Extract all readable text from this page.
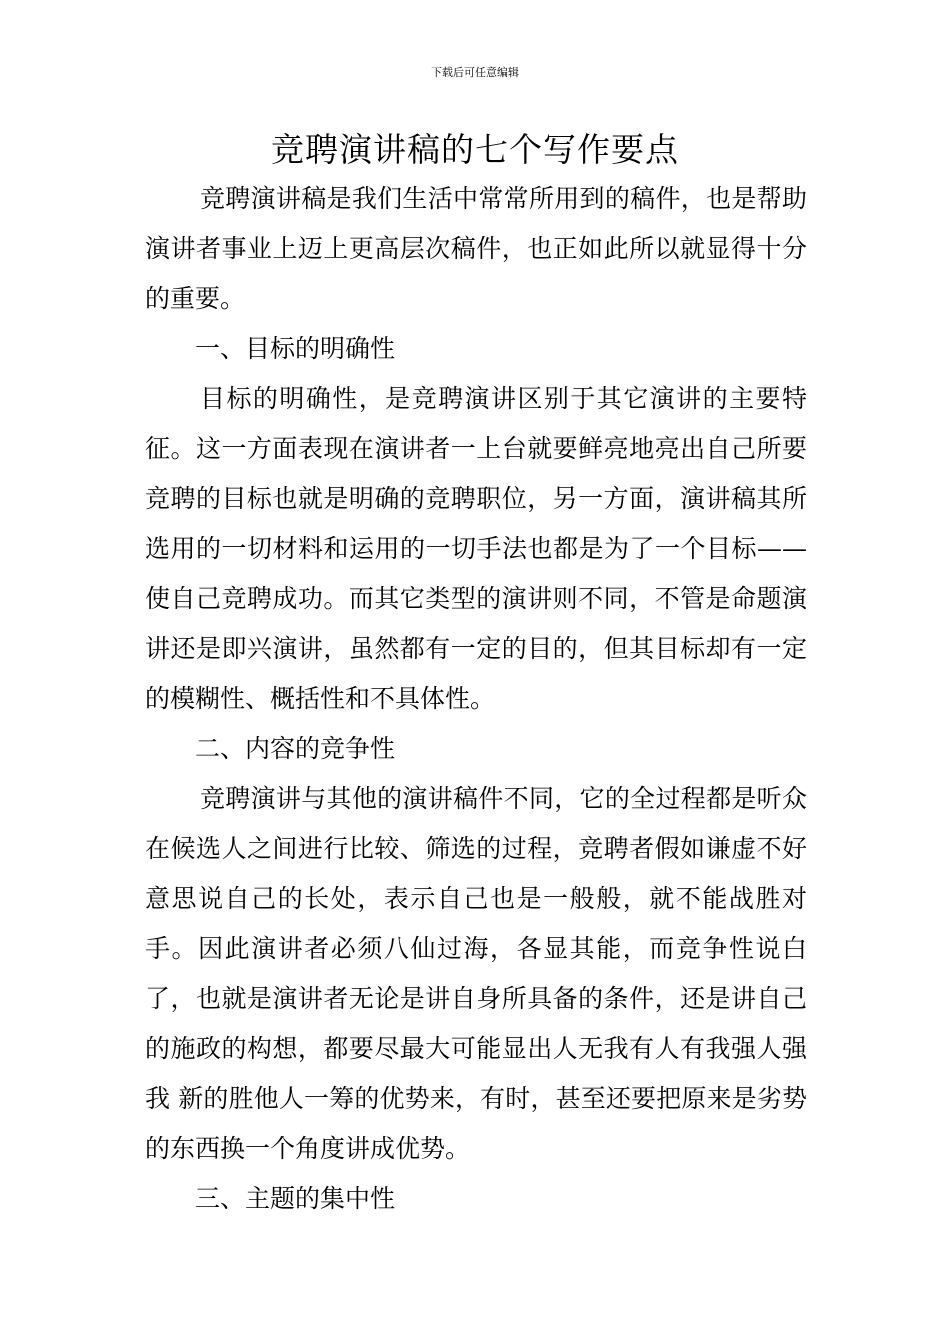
下载后可任意编辑
竞聘演讲稿的七个写作要点

竞聘演讲稿是我们生活中常常所用到的稿件，也是帮助演讲者事业上迈上更高层次稿件，也正如此所以就显得十分的重要。

一、目标的明确性

目标的明确性，是竞聘演讲区别于其它演讲的主要特征。这一方面表现在演讲者一上台就要鲜亮地亮出自己所要竞聘的目标也就是明确的竞聘职位，另一方面，演讲稿其所选用的一切材料和运用的一切手法也都是为了一个目标——使自己竞聘成功。而其它类型的演讲则不同，不管是命题演讲还是即兴演讲，虽然都有一定的目的，但其目标却有一定的模糊性、概括性和不具体性。

二、内容的竞争性

竞聘演讲与其他的演讲稿件不同，它的全过程都是听众在候选人之间进行比较、筛选的过程，竞聘者假如谦虚不好意思说自己的长处，表示自己也是一般般，就不能战胜对手。因此演讲者必须八仙过海，各显其能，而竞争性说白了，也就是演讲者无论是讲自身所具备的条件，还是讲自己的施政的构想，都要尽最大可能显出人无我有人有我强人强我 新的胜他人一筹的优势来，有时，甚至还要把原来是劣势的东西换一个角度讲成优势。

三、主题的集中性
